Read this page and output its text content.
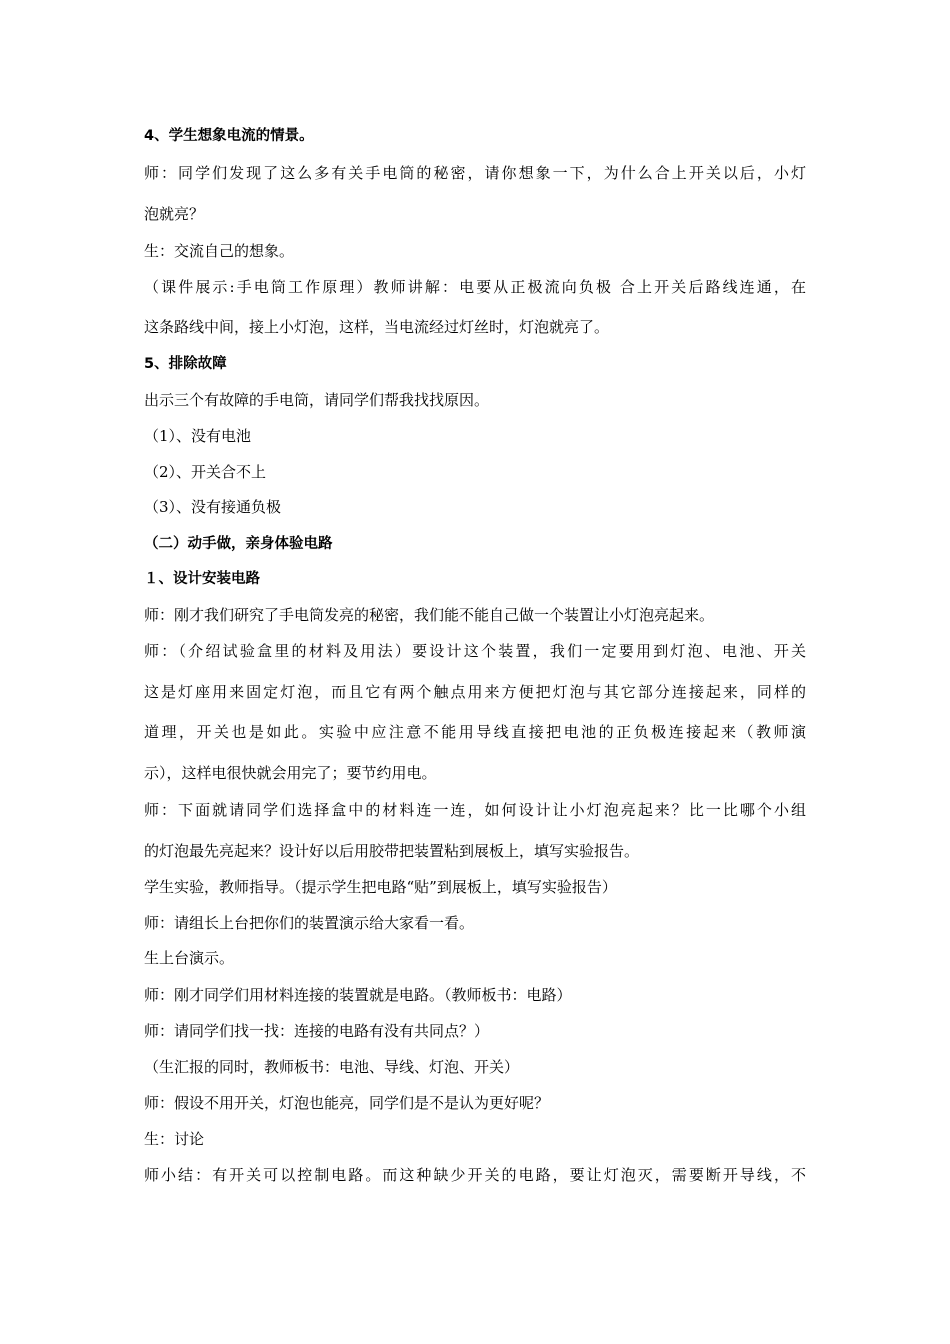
4、学生想象电流的情景。
师：同学们发现了这么多有关手电筒的秘密，请你想象一下，为什么合上开关以后，小灯
泡就亮？
生：交流自己的想象。
（课件展示:手电筒工作原理）教师讲解：电要从正极流向负极 合上开关后路线连通，在
这条路线中间，接上小灯泡，这样，当电流经过灯丝时，灯泡就亮了。
5、排除故障
出示三个有故障的手电筒，请同学们帮我找找原因。
（1）、没有电池
（2）、开关合不上
（3）、没有接通负极
（二）动手做，亲身体验电路
１、设计安装电路
师：刚才我们研究了手电筒发亮的秘密，我们能不能自己做一个装置让小灯泡亮起来。
师：（介绍试验盒里的材料及用法）要设计这个装置，我们一定要用到灯泡、电池、开关
这是灯座用来固定灯泡，而且它有两个触点用来方便把灯泡与其它部分连接起来，同样的
道理，开关也是如此。实验中应注意不能用导线直接把电池的正负极连接起来（教师演
示），这样电很快就会用完了；要节约用电。
师：下面就请同学们选择盒中的材料连一连，如何设计让小灯泡亮起来？比一比哪个小组
的灯泡最先亮起来？设计好以后用胶带把装置粘到展板上，填写实验报告。
学生实验，教师指导。（提示学生把电路“贴”到展板上，填写实验报告）
师：请组长上台把你们的装置演示给大家看一看。
生上台演示。
师：刚才同学们用材料连接的装置就是电路。（教师板书：电路）
师：请同学们找一找：连接的电路有没有共同点？）
（生汇报的同时，教师板书：电池、导线、灯泡、开关）
师：假设不用开关，灯泡也能亮，同学们是不是认为更好呢？
生：讨论
师小结：有开关可以控制电路。而这种缺少开关的电路，要让灯泡灭，需要断开导线，不
